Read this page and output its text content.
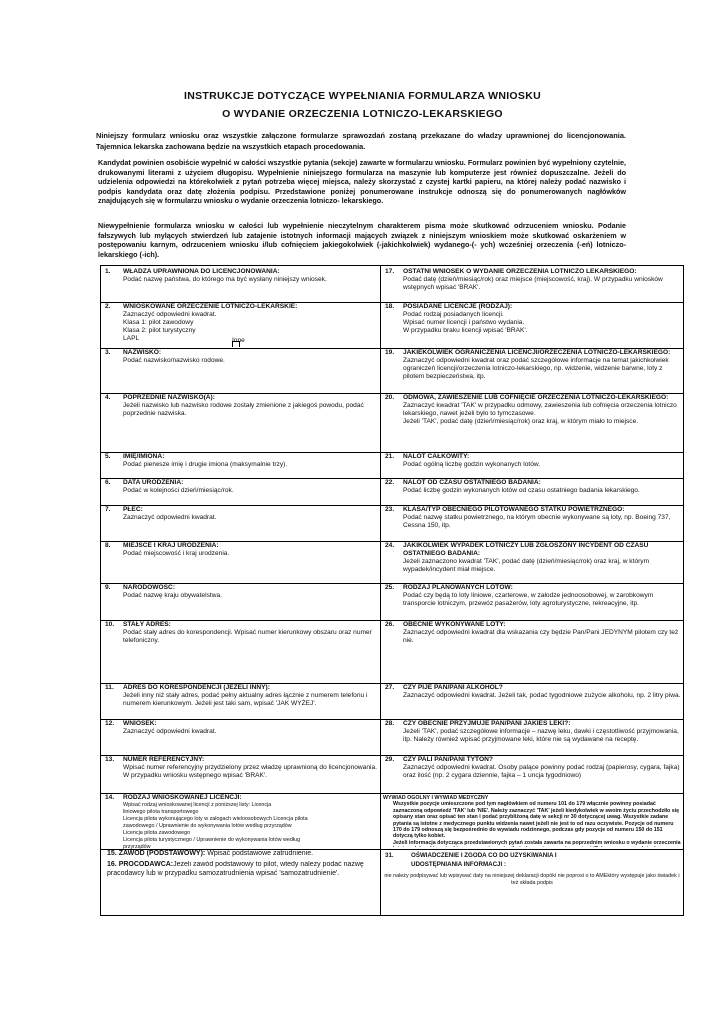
INSTRUKCJE DOTYCZĄCE WYPEŁNIANIA FORMULARZA WNIOSKU
O WYDANIE ORZECZENIA LOTNICZO-LEKARSKIEGO
Niniejszy formularz wniosku oraz wszystkie załączone formularze sprawozdań zostaną przekazane do władzy uprawnionej do licencjonowania. Tajemnica lekarska zachowana będzie na wszystkich etapach procedowania.
Kandydat powinien osobiście wypełnić w całości wszystkie pytania (sekcje) zawarte w formularzu wniosku. Formularz powinien być wypełniony czytelnie, drukowanymi literami z użyciem długopisu. Wypełnienie niniejszego formularza na maszynie lub komputerze jest również dopuszczalne. Jeżeli do udzielenia odpowiedzi na którekolwiek z pytań potrzeba więcej miejsca, należy skorzystać z czystej kartki papieru, na której należy podać nazwisko i podpis kandydata oraz datę złożenia podpisu. Przedstawione poniżej ponumerowane instrukcje odnoszą się do ponumerowanych nagłówków znajdujących się w formularzu wniosku o wydanie orzeczenia lotniczo- lekarskiego.
Niewypełnienie formularza wniosku w całości lub wypełnienie nieczytelnym charakterem pisma może skutkować odrzuceniem wniosku. Podanie fałszywych lub mylących stwierdzeń lub zatajenie istotnych informacji mających związek z niniejszym wnioskiem może skutkować oskarżeniem w postępowaniu karnym, odrzuceniem wniosku i/lub cofnięciem jakiegokolwiek (-jakichkolwiek) wydanego-(- ych) wcześniej orzeczenia (-eń) lotniczo-lekarskiego (-ich).
1.	WŁADZA UPRAWNIONA DO LICENCJONOWANIA:
Podać nazwę państwa, do którego ma być wysłany niniejszy wniosek.
2.	WNIOSKOWANE ORZECZENIE LOTNICZO-LEKARSKIE:
Zaznaczyć odpowiedni kwadrat.
Klasa 1: pilot zawodowy
Klasa 2: pilot turystyczny
LAPL	Inne
3.	NAZWISKO:
Podać nazwisko/nazwisko rodowe.
4.	POPRZEDNIE NAZWISKO(A):
Jeżeli nazwisko lub nazwisko rodowe zostały zmienione z jakiegoś powodu, podać poprzednie nazwiska.
5.	IMIĘ/IMIONA:
Podać pierwsze imię i drugie imiona (maksymalnie trzy).
6.	DATA URODZENIA:
Podać w kolejności dzień/miesiąc/rok.
7.	PŁEĆ:
Zaznaczyć odpowiedni kwadrat.
8.	MIEJSCE I KRAJ URODZENIA:
Podać miejscowość i kraj urodzenia.
9.	NARODOWOŚĆ:
Podać nazwę kraju obywatelstwa.
10.	STAŁY ADRES:
Podać stały adres do korespondencji. Wpisać numer kierunkowy obszaru oraz numer telefoniczny.
11.	ADRES DO KORESPONDENCJI (JEŻELI INNY):
Jeżeli inny niż stały adres, podać pełny aktualny adres łącznie z numerem telefonu i numerem kierunkowym. Jeżeli jest taki sam, wpisać 'JAK WYŻEJ'.
12.	WNIOSEK:
Zaznaczyć odpowiedni kwadrat.
13.	NUMER REFERENCYJNY:
Wpisać numer referencyjny przydzielony przez władzę uprawnioną do licencjonowania. W przypadku wniosku wstępnego wpisać 'BRAK'.
14.	RODZAJ WNIOSKOWANEJ LICENCJI:
Wpisać rodzaj wnioskowanej licencji z poniższej listy: Licencja
liniowego pilota transportowego
Licencja pilota wykonującego loty w załogach wieloosobowych Licencja pilota
zawodowego / Uprawnienie do wykonywania lotów według przyrządów
Licencja pilota zawodowego
Licencja pilota turystycznego / Uprawnienie do wykonywania lotów według
przyrządów

15. ZAWÓD (PODSTAWOWY): Wpisać podstawowe zatrudnienie.
16. PROCODAWCA:Jeżeli zawód podstawowy to pilot, wtedy należy podać nazwę pracodawcy lub w przypadku samozatrudnienia wpisać 'samozatrudnienie'.
17.	OSTATNI WNIOSEK O WYDANIE ORZECZENIA LOTNICZO LEKARSKIEGO:
Podać datę (dzień/miesiąc/rok) oraz miejsce (miejscowość, kraj). W przypadku wniosków wstępnych wpisać 'BRAK'.
18.	POSIADANE LICENCJE (RODZAJ):
Podać rodzaj posiadanych licencji.
Wpisać numer licencji i państwo wydania.
W przypadku braku licencji wpisać 'BRAK'.
19.	JAKIEKOLWIEK OGRANICZENIA LICENCJI/ORZECZENIA LOTNICZO-LEKARSKIEGO:
Zaznaczyć odpowiedni kwadrat oraz podać szczegółowe informacje na temat jakichkolwiek ograniczeń licencji/orzeczenia lotniczo-lekarskiego, np. widzenie, widzenie barwne, loty z pilotem bezpieczeństwa, itp.
20.	ODMOWA, ZAWIESZENIE LUB COFNIĘCIE ORZECZENIA LOTNICZO-LEKARSKIEGO:
Zaznaczyć kwadrat 'TAK' w przypadku odmowy, zawieszenia lub cofnięcia orzeczenia lotniczo lekarskiego, nawet jeżeli było to tymczasowe.
Jeżeli 'TAK', podać datę (dzień/miesiąc/rok) oraz kraj, w którym miało to miejsce.
21.	NALOT CAŁKOWITY:
Podać ogólną liczbę godzin wykonanych lotów.
22.	NALOT OD CZASU OSTATNIEGO BADANIA:
Podać liczbę godzin wykonanych lotów od czasu ostatniego badania lekarskiego.
23.	KLASA/TYP OBECNIEGO PILOTOWANEGO STATKU POWIETRZNEGO:
Podać nazwę statku powietrznego, na którym obecnie wykonywane są loty, np. Boeing 737, Cessna 150, itp.
24.	JAKIKOLWIEK WYPADEK LOTNICZY LUB ZGŁOSZONY INCYDENT OD CZASU OSTATNIEGO BADANIA:
Jeżeli zaznaczono kwadrat 'TAK', podać datę (dzień/miesiąc/rok) oraz kraj, w którym wypadek/incydent miał miejsce.
25.	RODZAJ PLANOWANYCH LOTÓW:
Podać czy będą to loty liniowe, czarterowe, w załodze jednoosobowej, w zarobkowym transporcie lotniczym, przewóz pasażerów, loty agroturystyczne, rekreacyjne, itp.
26.	OBECNIE WYKONYWANE LOTY:
Zaznaczyć odpowiedni kwadrat dla wskazania czy będzie Pan/Pani JEDYNYM pilotem czy też nie.
27.	CZY PIJE PAN/PANI ALKOHOL?
Zaznaczyć odpowiedni kwadrat. Jeżeli tak, podać tygodniowe zużycie alkoholu, np. 2 litry piwa.
28.	CZY OBECNIE PRZYJMUJE PAN/PANI JAKIEŚ LEKI?:
Jeżeli 'TAK', podać szczegółowe informacje – nazwę leku, dawki i częstotliwość przyjmowania, itp. Należy również wpisać przyjmowane leki, które nie są wydawane na receptę.
29.	CZY PALI PAN/PANI TYTOŃ?
Zaznaczyć odpowiedni kwadrat. Osoby palące powinny podać rodzaj (papierosy, cygara, fajka) oraz ilość (np. 2 cygara dziennie, fajka – 1 uncja tygodniowo)
WYWIAD OGÓLNY I WYWIAD MEDYCZNY
Wszystkie pozycje umieszczone pod tym nagłówkiem od numeru 101 do 179 włącznie powinny posiadać zaznaczoną odpowiedź 'TAK' lub 'NIE'. Należy zaznaczyć 'TAK' jeżeli kiedykolwiek w swoim życiu przechodziło się opisany stan oraz opisać ten stan i podać przybliżoną datę w sekcji nr 30 dotyczącej uwag. Wszystkie zadane pytania są istotne z medycznego punktu widzenia nawet jeżeli nie jest to od razu oczywiste. Pozycje od numeru 170 do 179 odnoszą się bezpośrednio do wywiadu rodzinnego, podczas gdy pozycje od numeru 150 do 151 dotyczą tylko kobiet.
Jeżeli informacja dotycząca przedstawionych pytań została zawarta na poprzednim wniosku o wydanie orzeczenia
31.	OŚWIADCZENIE I ZGODA CO DO UZYSKIWANIA I
UDOSTĘPNIANIA INFORMACJI :
nie należy podpisywać lub wpisywać daty na niniejszej deklaracji dopóki nie poprosi o to AMEktóry występuje jako świadek i też składa podpis
